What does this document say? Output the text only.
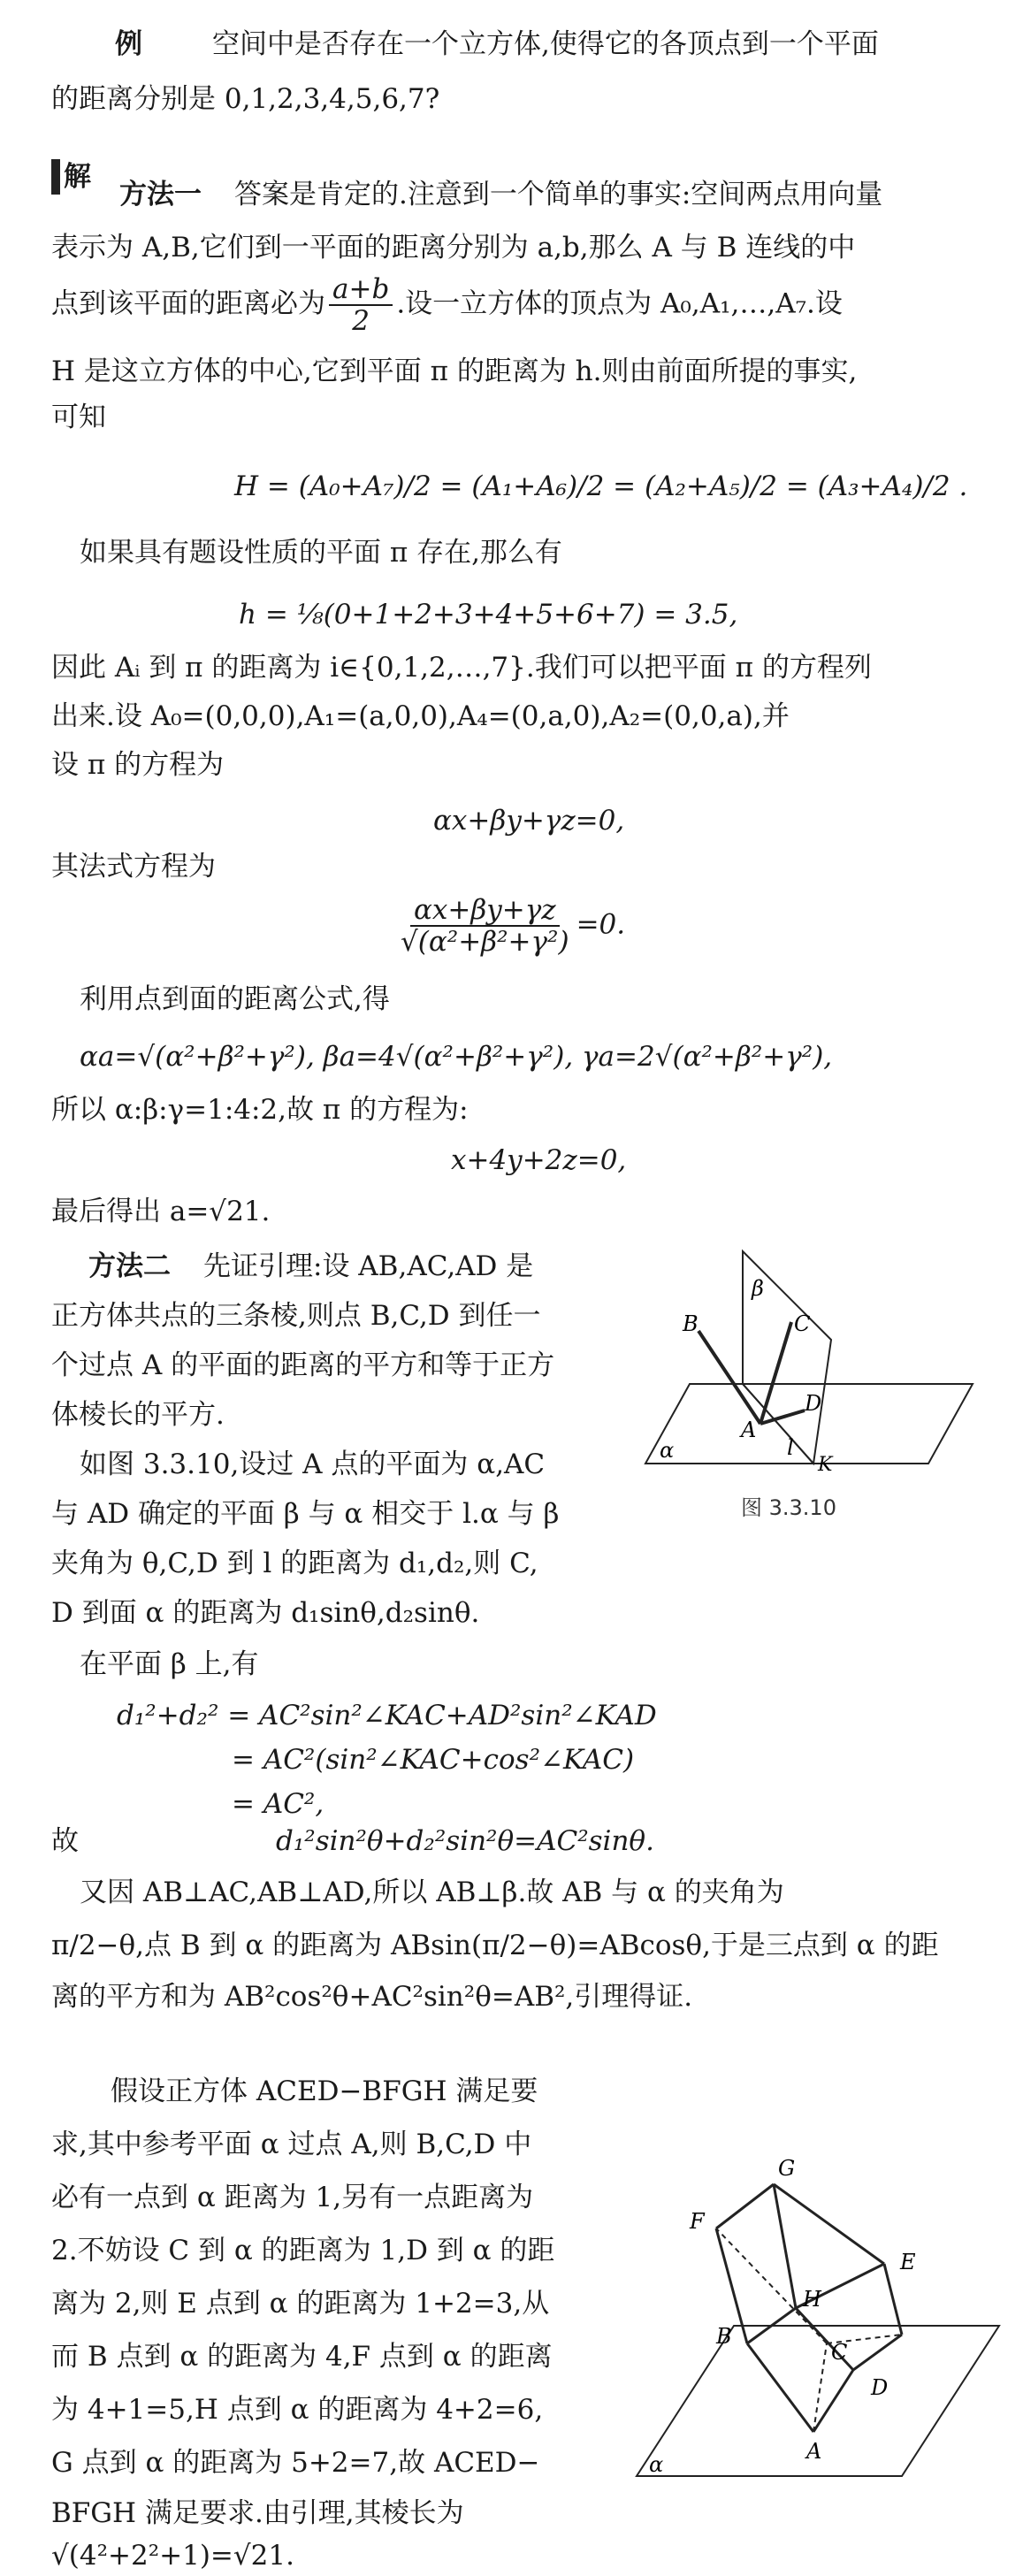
例	空间中是否存在一个立方体,使得它的各顶点到一个平面
的距离分别是 0,1,2,3,4,5,6,7?
解
方法一 答案是肯定的.注意到一个简单的事实:空间两点用向量
表示为 A,B,它们到一平面的距离分别为 a,b,那么 A 与 B 连线的中
点到该平面的距离必为 $\frac{a+b}{2}$ .设一立方体的顶点为 A₀,A₁,…,A₇.设
H 是这立方体的中心,它到平面 π 的距离为 h.则由前面所提的事实,
可知
H = (A₀+A₇)/2 = (A₁+A₆)/2 = (A₂+A₅)/2 = (A₃+A₄)/2 .
如果具有题设性质的平面 π 存在,那么有
h = ⅛(0+1+2+3+4+5+6+7) = 3.5,
因此 Aᵢ 到 π 的距离为 i∈{0,1,2,…,7}.我们可以把平面 π 的方程列
出来.设 A₀=(0,0,0),A₁=(a,0,0),A₄=(0,a,0),A₂=(0,0,a),并
设 π 的方程为
αx+βy+γz=0,
其法式方程为
$\frac{\alpha x+\beta y+\gamma z}{\text{√(α²+β²+γ²)}} =0$.
利用点到面的距离公式,得
αa=√(α²+β²+γ²), βa=4√(α²+β²+γ²), γa=2√(α²+β²+γ²),
所以 α:β:γ=1:4:2,故 π 的方程为:
x+4y+2z=0,
最后得出 a=√21.
方法二 先证引理:设 AB,AC,AD 是
正方体共点的三条棱,则点 B,C,D 到任一
个过点 A 的平面的距离的平方和等于正方
体棱长的平方.
如图 3.3.10,设过 A 点的平面为 α,AC
与 AD 确定的平面 β 与 α 相交于 l.α 与 β
夹角为 θ,C,D 到 l 的距离为 d₁,d₂,则 C,
D 到面 α 的距离为 d₁sinθ,d₂sinθ.
B
β
C
A
D
α	l
K
图 3.3.10
在平面 β 上,有
d₁²+d₂² = AC²sin²∠KAC+AD²sin²∠KAD
= AC²(sin²∠KAC+cos²∠KAC)
= AC²,
故	d₁²sin²θ+d₂²sin²θ=AC²sinθ.
又因 AB⊥AC,AB⊥AD,所以 AB⊥β.故 AB 与 α 的夹角为
π/2−θ,点 B 到 α 的距离为 ABsin(π/2−θ)=ABcosθ,于是三点到 α 的距
离的平方和为 AB²cos²θ+AC²sin²θ=AB²,引理得证.
假设正方体 ACED−BFGH 满足要
求,其中参考平面 α 过点 A,则 B,C,D 中
必有一点到 α 距离为 1,另有一点距离为
2.不妨设 C 到 α 的距离为 1,D 到 α 的距
离为 2,则 E 点到 α 的距离为 1+2=3,从
而 B 点到 α 的距离为 4,F 点到 α 的距离
为 4+1=5,H 点到 α 的距离为 4+2=6,
G 点到 α 的距离为 5+2=7,故 ACED−
BFGH 满足要求.由引理,其棱长为
√(4²+2²+1)=√21.
G
F
H
E
B
C
D
A
α
